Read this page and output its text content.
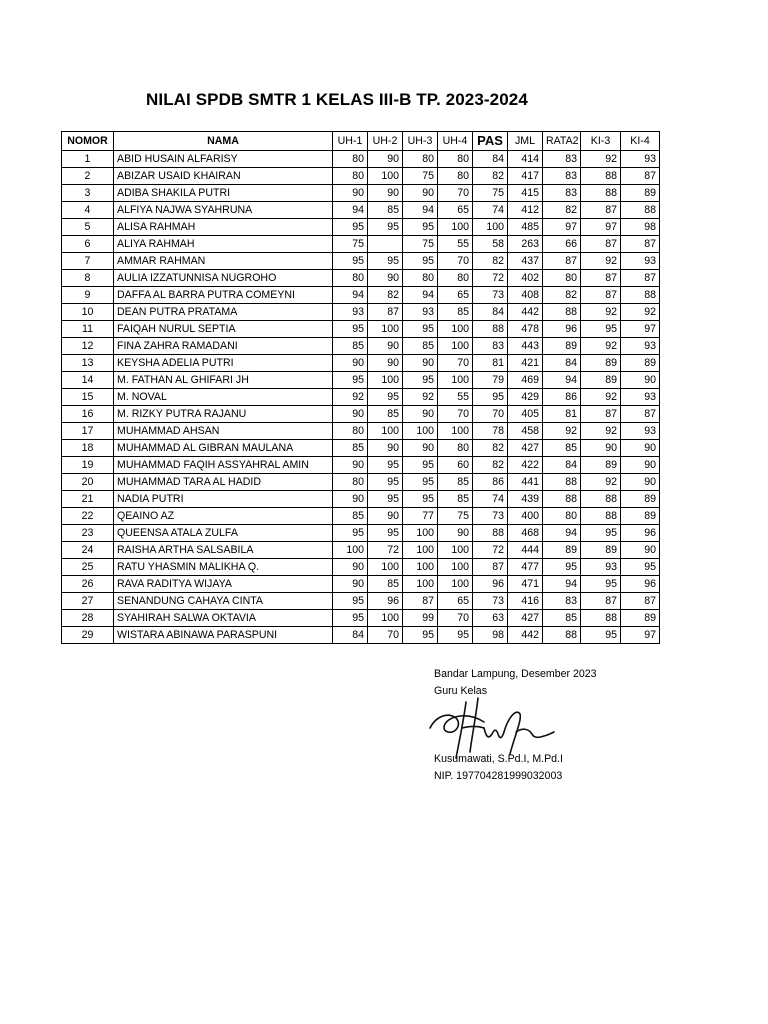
NILAI SPDB SMTR 1 KELAS III-B TP. 2023-2024
NOMOR	NAMA	UH-1	UH-2	UH-3	UH-4	PAS	JML	RATA2	KI-3	KI-4
1	ABID HUSAIN ALFARISY	80	90	80	80	84	414	83	92	93
2	ABIZAR USAID KHAIRAN	80	100	75	80	82	417	83	88	87
3	ADIBA SHAKILA PUTRI	90	90	90	70	75	415	83	88	89
4	ALFIYA NAJWA SYAHRUNA	94	85	94	65	74	412	82	87	88
5	ALISA RAHMAH	95	95	95	100	100	485	97	97	98
6	ALIYA RAHMAH	75		75	55	58	263	66	87	87
7	AMMAR RAHMAN	95	95	95	70	82	437	87	92	93
8	AULIA IZZATUNNISA NUGROHO	80	90	80	80	72	402	80	87	87
9	DAFFA AL BARRA PUTRA COMEYNI	94	82	94	65	73	408	82	87	88
10	DEAN PUTRA PRATAMA	93	87	93	85	84	442	88	92	92
11	FAIQAH NURUL SEPTIA	95	100	95	100	88	478	96	95	97
12	FINA ZAHRA RAMADANI	85	90	85	100	83	443	89	92	93
13	KEYSHA ADELIA PUTRI	90	90	90	70	81	421	84	89	89
14	M. FATHAN AL GHIFARI JH	95	100	95	100	79	469	94	89	90
15	M. NOVAL	92	95	92	55	95	429	86	92	93
16	M. RIZKY PUTRA RAJANU	90	85	90	70	70	405	81	87	87
17	MUHAMMAD AHSAN	80	100	100	100	78	458	92	92	93
18	MUHAMMAD AL GIBRAN MAULANA	85	90	90	80	82	427	85	90	90
19	MUHAMMAD FAQIH ASSYAHRAL AMIN	90	95	95	60	82	422	84	89	90
20	MUHAMMAD TARA AL HADID	80	95	95	85	86	441	88	92	90
21	NADIA PUTRI	90	95	95	85	74	439	88	88	89
22	QEAINO AZ	85	90	77	75	73	400	80	88	89
23	QUEENSA ATALA ZULFA	95	95	100	90	88	468	94	95	96
24	RAISHA ARTHA SALSABILA	100	72	100	100	72	444	89	89	90
25	RATU YHASMIN MALIKHA Q.	90	100	100	100	87	477	95	93	95
26	RAVA RADITYA WIJAYA	90	85	100	100	96	471	94	95	96
27	SENANDUNG CAHAYA CINTA	95	96	87	65	73	416	83	87	87
28	SYAHIRAH SALWA OKTAVIA	95	100	99	70	63	427	85	88	89
29	WISTARA ABINAWA PARASPUNI	84	70	95	95	98	442	88	95	97
Bandar Lampung, Desember 2023
Guru Kelas
Kusumawati, S.Pd.I, M.Pd.I
NIP. 197704281999032003
